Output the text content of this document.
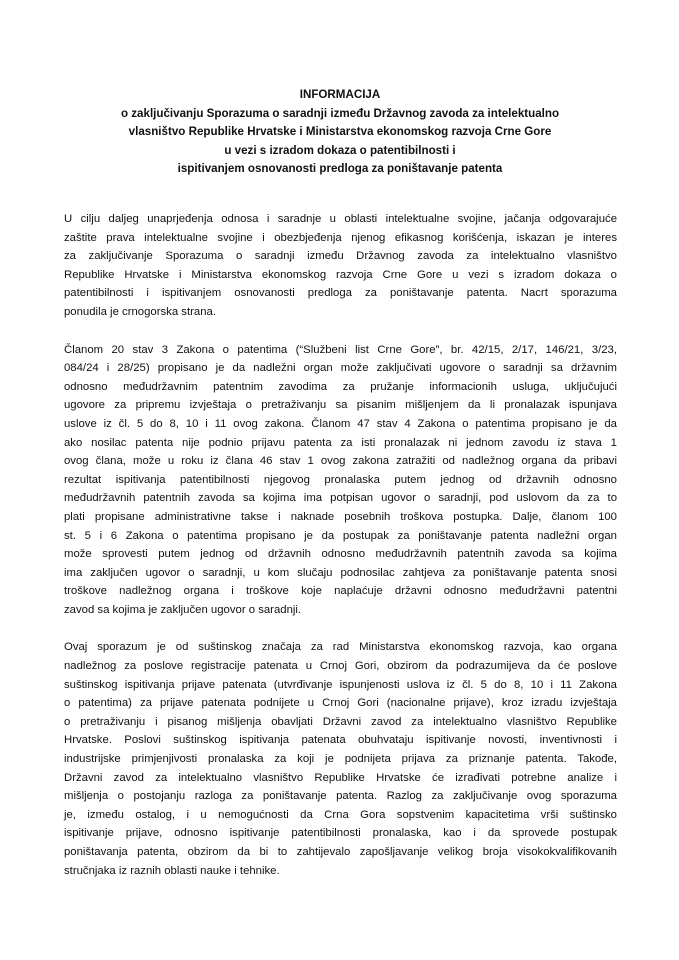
INFORMACIJA
o zaključivanju Sporazuma o saradnji između Državnog zavoda za intelektualno
vlasništvo Republike Hrvatske i Ministarstva ekonomskog razvoja Crne Gore
u vezi s izradom dokaza o patentibilnosti i
ispitivanjem osnovanosti predloga za poništavanje patenta
U cilju daljeg unaprjeđenja odnosa i saradnje u oblasti intelektualne svojine, jačanja odgovarajuće
zaštite prava intelektualne svojine i obezbjeđenja njenog efikasnog korišćenja, iskazan je interes
za zaključivanje Sporazuma o saradnji između Državnog zavoda za intelektualno vlasništvo
Republike Hrvatske i Ministarstva ekonomskog razvoja Crne Gore u vezi s izradom dokaza o
patentibilnosti i ispitivanjem osnovanosti predloga za poništavanje patenta. Nacrt sporazuma
ponudila je crnogorska strana.
Članom 20 stav 3 Zakona o patentima (“Službeni list Crne Gore”, br. 42/15, 2/17, 146/21, 3/23,
084/24 i 28/25) propisano je da nadležni organ može zaključivati ugovore o saradnji sa državnim
odnosno međudržavnim patentnim zavodima za pružanje informacionih usluga, uključujući
ugovore za pripremu izvještaja o pretraživanju sa pisanim mišljenjem da li pronalazak ispunjava
uslove iz čl. 5 do 8, 10 i 11 ovog zakona. Članom 47 stav 4 Zakona o patentima propisano je da
ako nosilac patenta nije podnio prijavu patenta za isti pronalazak ni jednom zavodu iz stava 1
ovog člana, može u roku iz člana 46 stav 1 ovog zakona zatražiti od nadležnog organa da pribavi
rezultat ispitivanja patentibilnosti njegovog pronalaska putem jednog od državnih odnosno
međudržavnih patentnih zavoda sa kojima ima potpisan ugovor o saradnji, pod uslovom da za to
plati propisane administrativne takse i naknade posebnih troškova postupka. Dalje, članom 100
st. 5 i 6 Zakona o patentima propisano je da postupak za poništavanje patenta nadležni organ
može sprovesti putem jednog od državnih odnosno međudržavnih patentnih zavoda sa kojima
ima zaključen ugovor o saradnji, u kom slučaju podnosilac zahtjeva za poništavanje patenta snosi
troškove nadležnog organa i troškove koje naplaćuje državni odnosno međudržavni patentni
zavod sa kojima je zaključen ugovor o saradnji.
Ovaj sporazum je od suštinskog značaja za rad Ministarstva ekonomskog razvoja, kao organa
nadležnog za poslove registracije patenata u Crnoj Gori, obzirom da podrazumijeva da će poslove
suštinskog ispitivanja prijave patenata (utvrđivanje ispunjenosti uslova iz čl. 5 do 8, 10 i 11 Zakona
o patentima) za prijave patenata podnijete u Crnoj Gori (nacionalne prijave), kroz izradu izvještaja
o pretraživanju i pisanog mišljenja obavljati Državni zavod za intelektualno vlasništvo Republike
Hrvatske. Poslovi suštinskog ispitivanja patenata obuhvataju ispitivanje novosti, inventivnosti i
industrijske primjenjivosti pronalaska za koji je podnijeta prijava za priznanje patenta. Takođe,
Državni zavod za intelektualno vlasništvo Republike Hrvatske će izrađivati potrebne analize i
mišljenja o postojanju razloga za poništavanje patenta. Razlog za zaključivanje ovog sporazuma
je, između ostalog, i u nemogućnosti da Crna Gora sopstvenim kapacitetima vrši suštinsko
ispitivanje prijave, odnosno ispitivanje patentibilnosti pronalaska, kao i da sprovede postupak
poništavanja patenta, obzirom da bi to zahtijevalo zapošljavanje velikog broja visokokvalifikovanih
stručnjaka iz raznih oblasti nauke i tehnike.
